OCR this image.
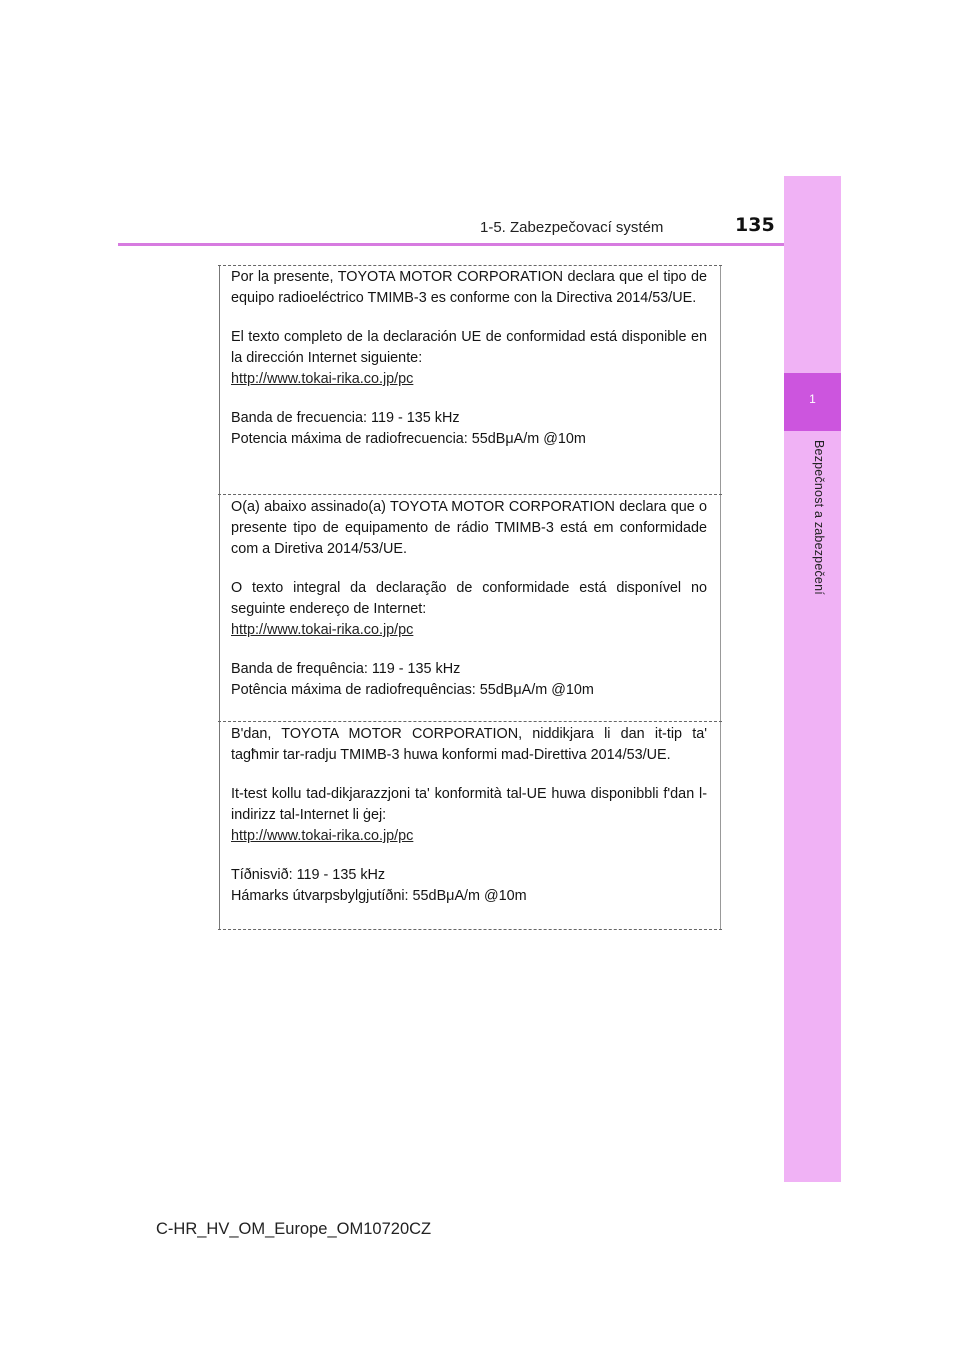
1-5. Zabezpečovací systém	135
1
Bezpečnost a zabezpečení

Por la presente, TOYOTA MOTOR CORPORATION declara que el tipo de equipo radioeléctrico TMIMB-3 es conforme con la Directiva 2014/53/UE.

El texto completo de la declaración UE de conformidad está disponible en la dirección Internet siguiente:

http://www.tokai-rika.co.jp/pc
Banda de frecuencia: 119 - 135 kHz
Potencia máxima de radiofrecuencia: 55dBμA/m @10m

O(a) abaixo assinado(a) TOYOTA MOTOR CORPORATION declara que o presente tipo de equipamento de rádio TMIMB-3 está em conformidade com a Diretiva 2014/53/UE.

O texto integral da declaração de conformidade está disponível no seguinte endereço de Internet:

http://www.tokai-rika.co.jp/pc
Banda de frequência: 119 - 135 kHz
Potência máxima de radiofrequências: 55dBμA/m @10m

B'dan, TOYOTA MOTOR CORPORATION, niddikjara li dan it-tip ta' tagħmir tar-radju TMIMB-3 huwa konformi mad-Direttiva 2014/53/UE.

It-test kollu tad-dikjarazzjoni ta' konformità tal-UE huwa disponibbli f'dan l-indirizz tal-Internet li ġej:

http://www.tokai-rika.co.jp/pc
Tíðnisvið: 119 - 135 kHz
Hámarks útvarpsbylgjutíðni: 55dBμA/m @10m
C-HR_HV_OM_Europe_OM10720CZ
